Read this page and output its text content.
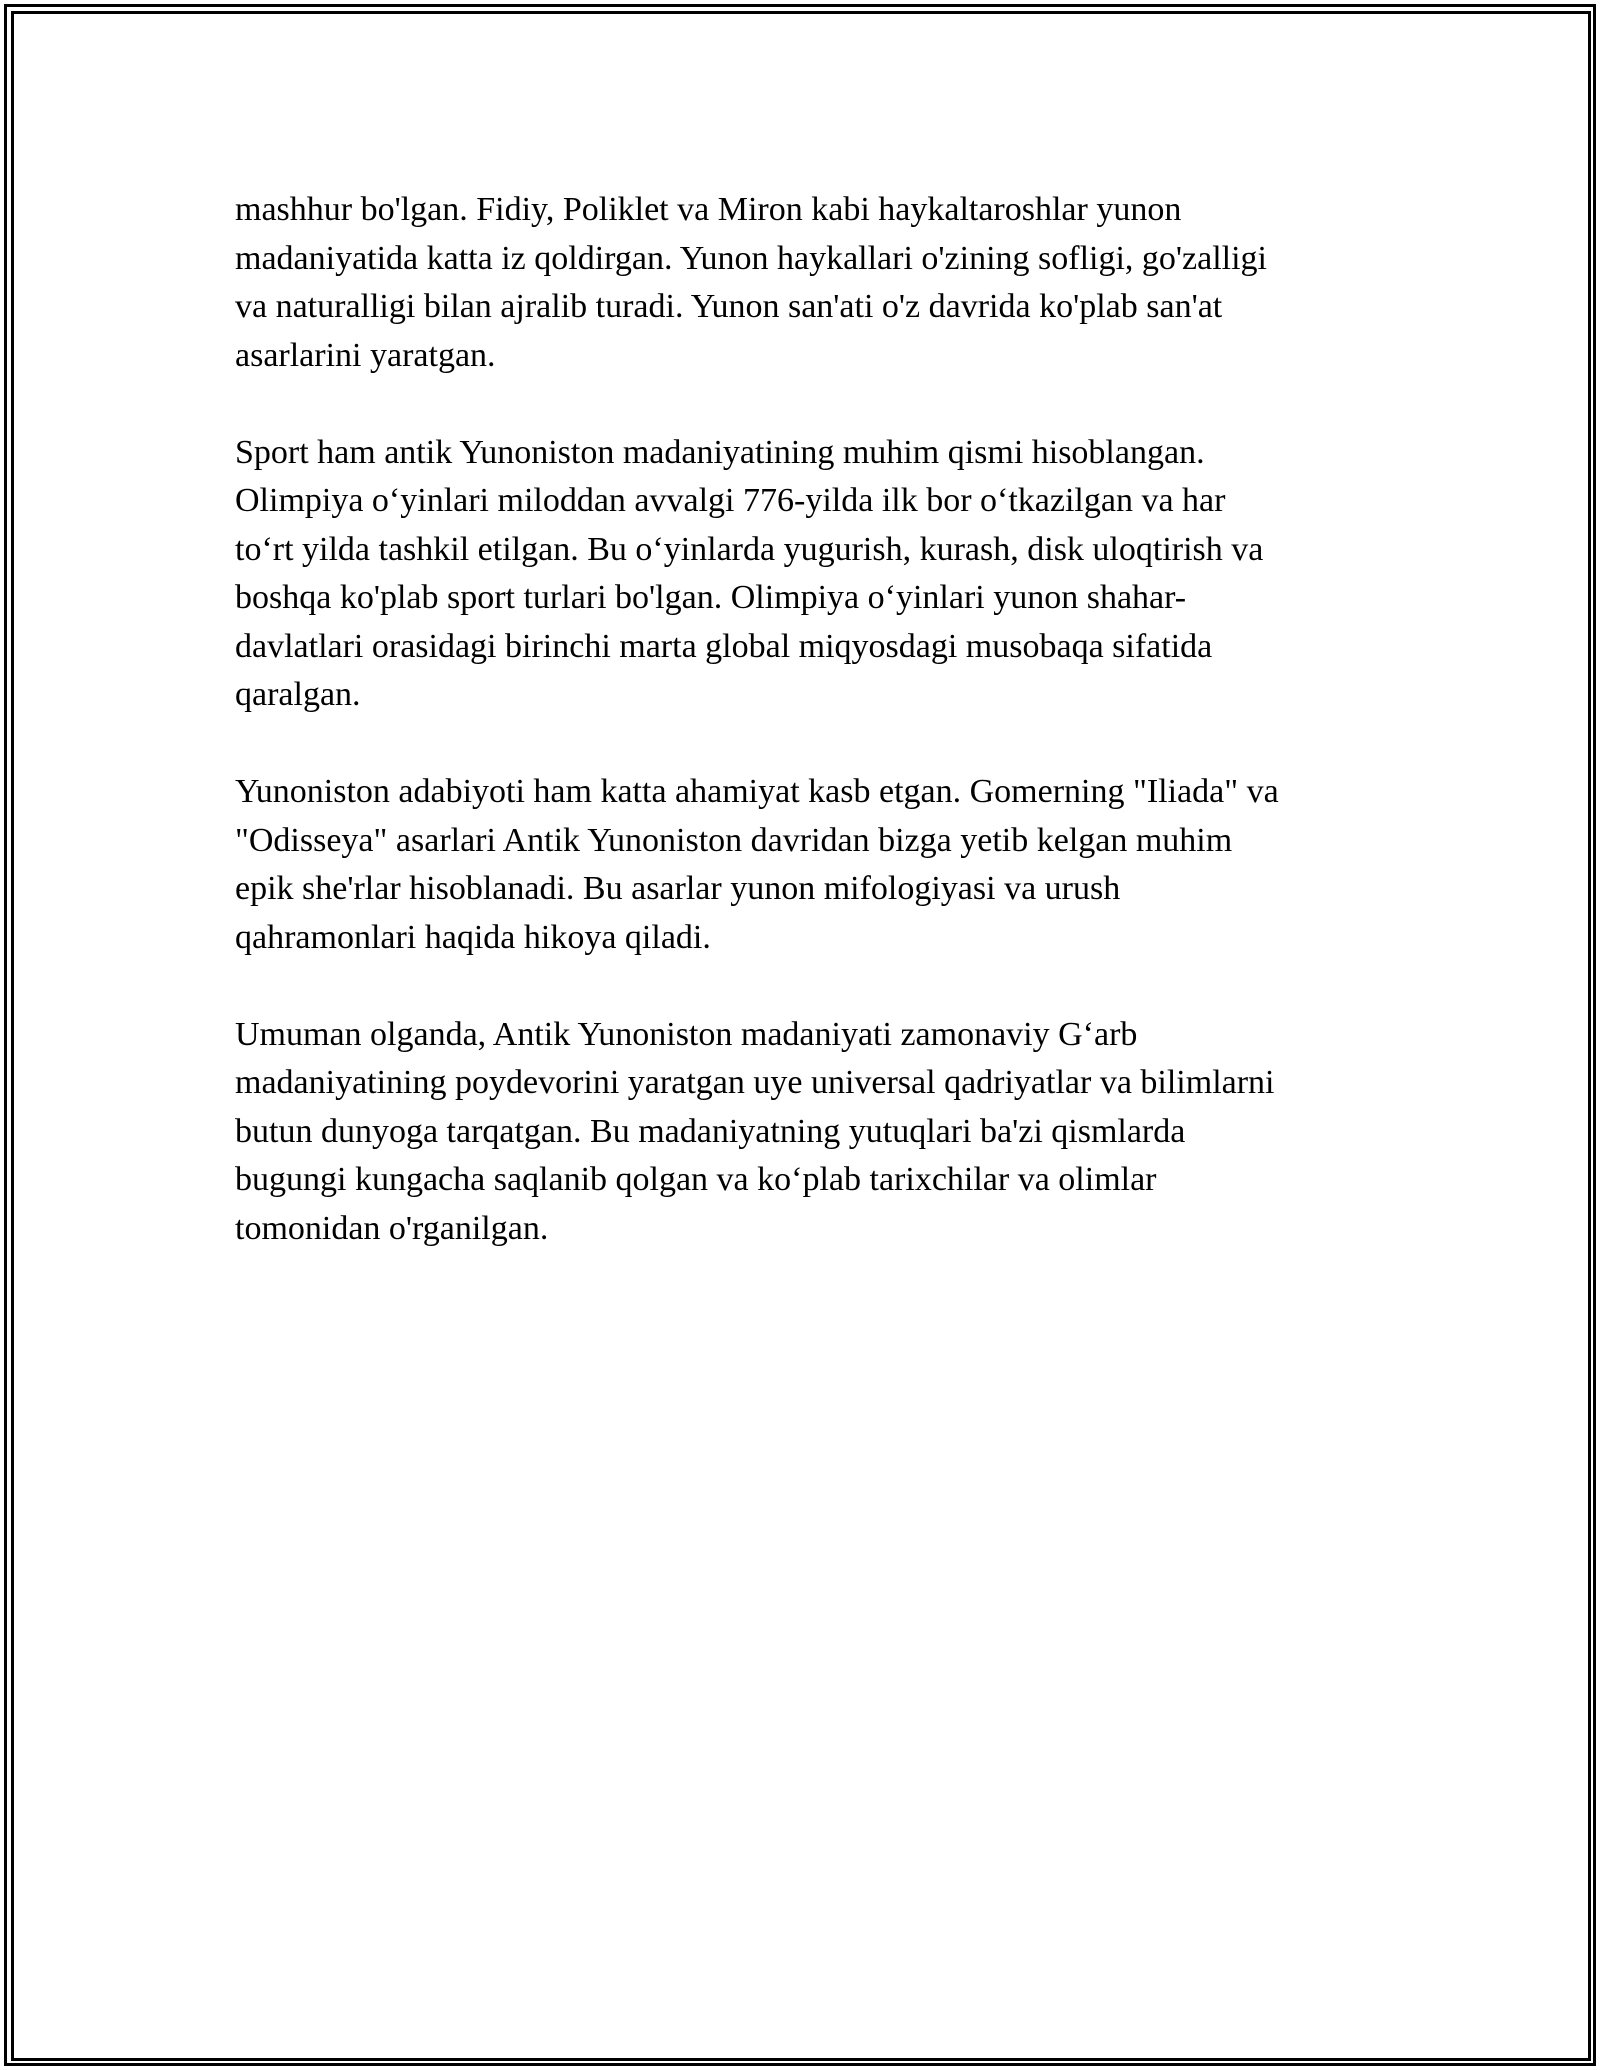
mashhur bo'lgan. Fidiy, Poliklet va Miron kabi haykaltaroshlar yunon
madaniyatida katta iz qoldirgan. Yunon haykallari o'zining sofligi, go'zalligi
va naturalligi bilan ajralib turadi. Yunon san'ati o'z davrida ko'plab san'at
asarlarini yaratgan.

Sport ham antik Yunoniston madaniyatining muhim qismi hisoblangan.
Olimpiya o‘yinlari miloddan avvalgi 776-yilda ilk bor o‘tkazilgan va har
to‘rt yilda tashkil etilgan. Bu o‘yinlarda yugurish, kurash, disk uloqtirish va
boshqa ko'plab sport turlari bo'lgan. Olimpiya o‘yinlari yunon shahar-
davlatlari orasidagi birinchi marta global miqyosdagi musobaqa sifatida
qaralgan.

Yunoniston adabiyoti ham katta ahamiyat kasb etgan. Gomerning "Iliada" va
"Odisseya" asarlari Antik Yunoniston davridan bizga yetib kelgan muhim
epik she'rlar hisoblanadi. Bu asarlar yunon mifologiyasi va urush
qahramonlari haqida hikoya qiladi.

Umuman olganda, Antik Yunoniston madaniyati zamonaviy G‘arb
madaniyatining poydevorini yaratgan uye universal qadriyatlar va bilimlarni
butun dunyoga tarqatgan. Bu madaniyatning yutuqlari ba'zi qismlarda
bugungi kungacha saqlanib qolgan va ko‘plab tarixchilar va olimlar
tomonidan o'rganilgan.
